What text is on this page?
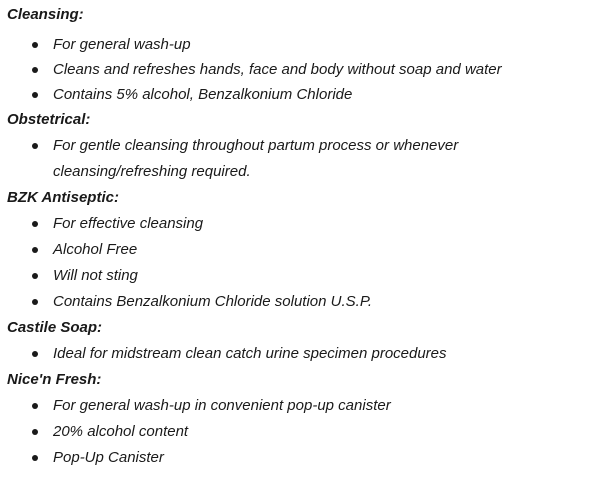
Cleansing:

For general wash-up
Cleans and refreshes hands, face and body without soap and water
Contains 5% alcohol, Benzalkonium Chloride

Obstetrical:

For gentle cleansing throughout partum process or whenever
cleansing/refreshing required.

BZK Antiseptic:

For effective cleansing
Alcohol Free
Will not sting
Contains Benzalkonium Chloride solution U.S.P.

Castile Soap:

Ideal for midstream clean catch urine specimen procedures

Nice'n Fresh:

For general wash-up in convenient pop-up canister
20% alcohol content
Pop-Up Canister
